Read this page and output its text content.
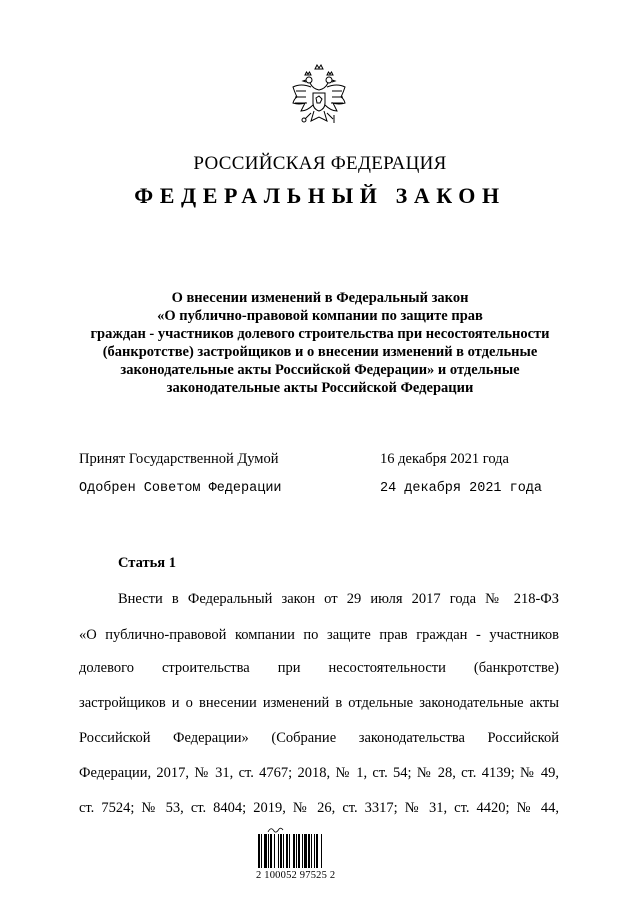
РОССИЙСКАЯ ФЕДЕРАЦИЯ
ФЕДЕРАЛЬНЫЙ ЗАКОН
О внесении изменений в Федеральный закон
«О публично-правовой компании по защите прав
граждан - участников долевого строительства при несостоятельности
(банкротстве) застройщиков и о внесении изменений в отдельные
законодательные акты Российской Федерации» и отдельные
законодательные акты Российской Федерации
Принят Государственной Думой	16 декабря 2021 года
Одобрен Советом Федерации	24 декабря 2021 года
Статья 1
Внести в Федеральный закон от 29 июля 2017 года № 218-ФЗ
«О публично-правовой компании по защите прав граждан - участников
долевого строительства при несостоятельности (банкротстве)
застройщиков и о внесении изменений в отдельные законодательные акты
Российской Федерации» (Собрание законодательства Российской
Федерации, 2017, № 31, ст. 4767; 2018, № 1, ст. 54; № 28, ст. 4139; № 49,
ст. 7524; № 53, ст. 8404; 2019, № 26, ст. 3317; № 31, ст. 4420; № 44,
2 100052 97525 2
